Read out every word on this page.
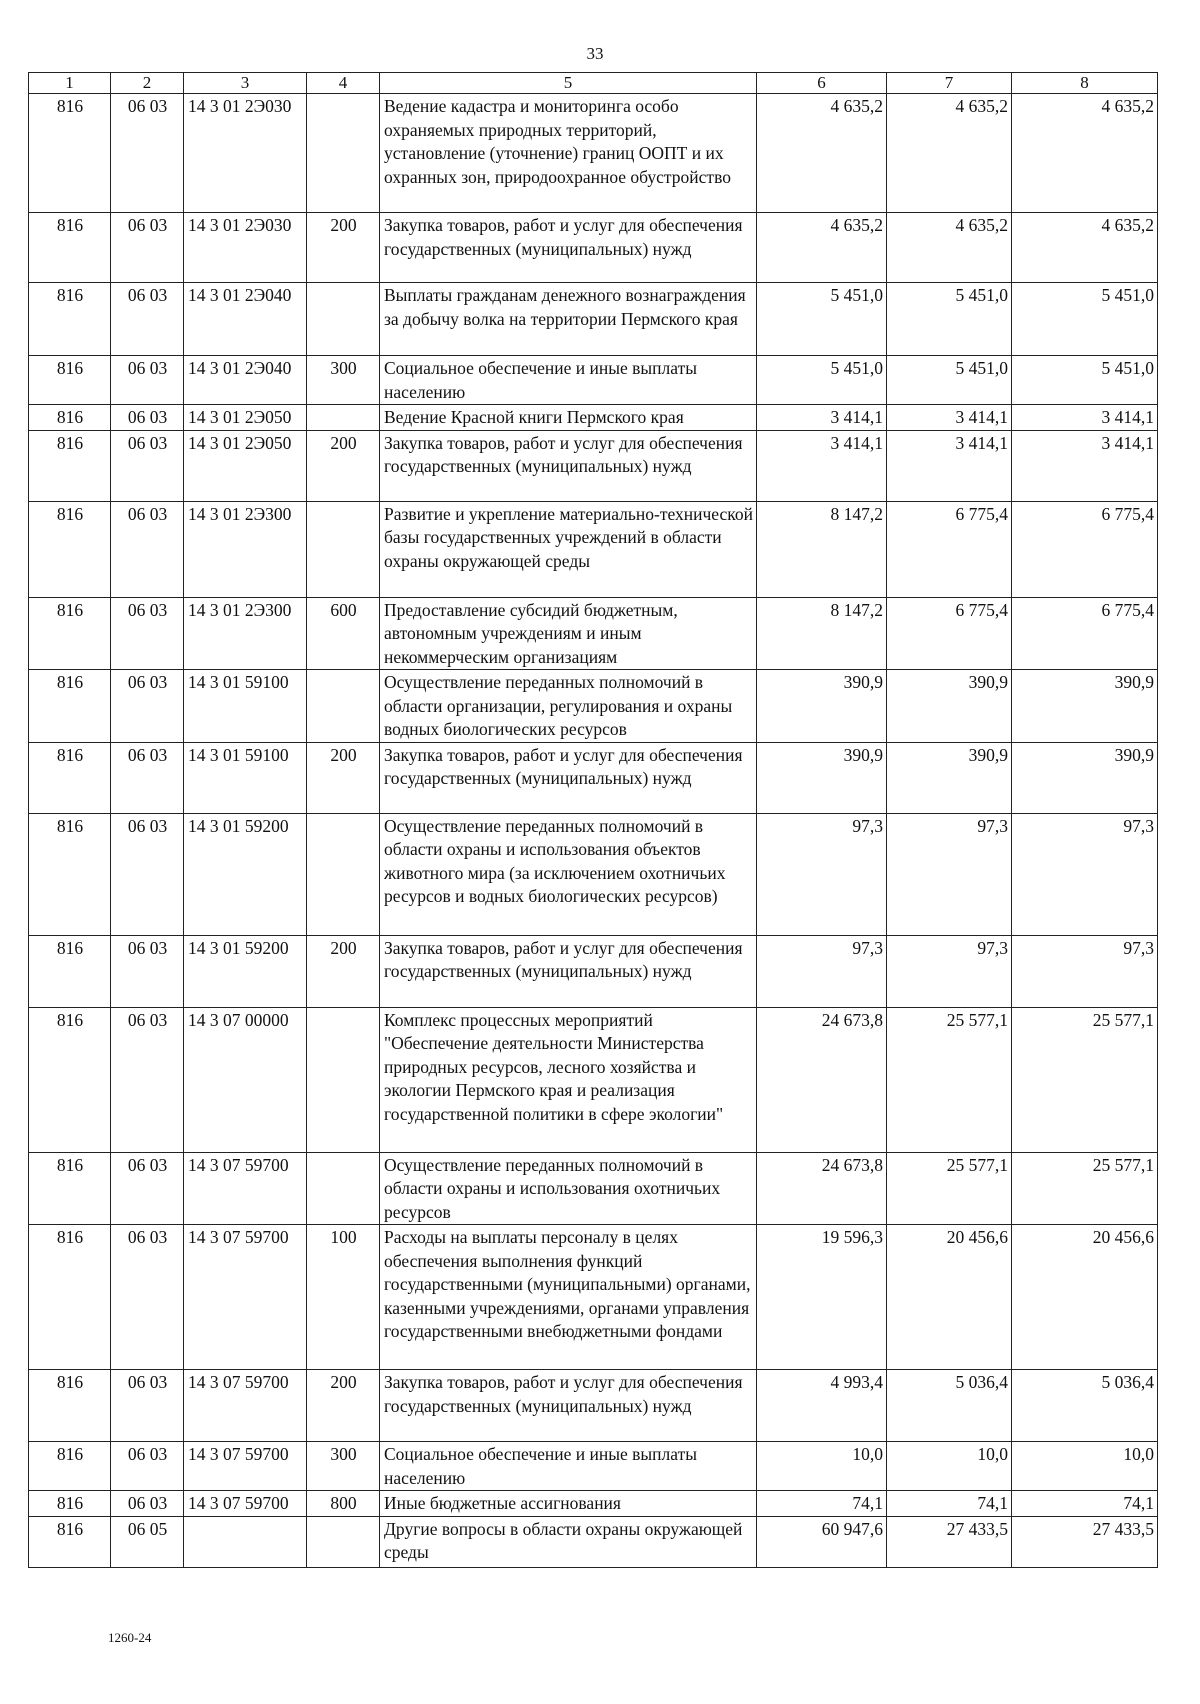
33
1	2	3	4	5	6	7	8
816	06 03	14 3 01 2Э030		Ведение кадастра и мониторинга особо охраняемых природных территорий, установление (уточнение) границ ООПТ и их охранных зон, природоохранное обустройство	4 635,2	4 635,2	4 635,2
816	06 03	14 3 01 2Э030	200	Закупка товаров, работ и услуг для обеспечения государственных (муниципальных) нужд	4 635,2	4 635,2	4 635,2
816	06 03	14 3 01 2Э040		Выплаты гражданам денежного вознаграждения за добычу волка на территории Пермского края	5 451,0	5 451,0	5 451,0
816	06 03	14 3 01 2Э040	300	Социальное обеспечение и иные выплаты населению	5 451,0	5 451,0	5 451,0
816	06 03	14 3 01 2Э050		Ведение Красной книги Пермского края	3 414,1	3 414,1	3 414,1
816	06 03	14 3 01 2Э050	200	Закупка товаров, работ и услуг для обеспечения государственных (муниципальных) нужд	3 414,1	3 414,1	3 414,1
816	06 03	14 3 01 2Э300		Развитие и укрепление материально-технической базы государственных учреждений в области охраны окружающей среды	8 147,2	6 775,4	6 775,4
816	06 03	14 3 01 2Э300	600	Предоставление субсидий бюджетным, автономным учреждениям и иным некоммерческим организациям	8 147,2	6 775,4	6 775,4
816	06 03	14 3 01 59100		Осуществление переданных полномочий в области организации, регулирования и охраны водных биологических ресурсов	390,9	390,9	390,9
816	06 03	14 3 01 59100	200	Закупка товаров, работ и услуг для обеспечения государственных (муниципальных) нужд	390,9	390,9	390,9
816	06 03	14 3 01 59200		Осуществление переданных полномочий в области охраны и использования объектов животного мира (за исключением охотничьих ресурсов и водных биологических ресурсов)	97,3	97,3	97,3
816	06 03	14 3 01 59200	200	Закупка товаров, работ и услуг для обеспечения государственных (муниципальных) нужд	97,3	97,3	97,3
816	06 03	14 3 07 00000		Комплекс процессных мероприятий "Обеспечение деятельности Министерства природных ресурсов, лесного хозяйства и экологии Пермского края и реализация государственной политики в сфере экологии"	24 673,8	25 577,1	25 577,1
816	06 03	14 3 07 59700		Осуществление переданных полномочий в области охраны и использования охотничьих ресурсов	24 673,8	25 577,1	25 577,1
816	06 03	14 3 07 59700	100	Расходы на выплаты персоналу в целях обеспечения выполнения функций государственными (муниципальными) органами, казенными учреждениями, органами управления государственными внебюджетными фондами	19 596,3	20 456,6	20 456,6
816	06 03	14 3 07 59700	200	Закупка товаров, работ и услуг для обеспечения государственных (муниципальных) нужд	4 993,4	5 036,4	5 036,4
816	06 03	14 3 07 59700	300	Социальное обеспечение и иные выплаты населению	10,0	10,0	10,0
816	06 03	14 3 07 59700	800	Иные бюджетные ассигнования	74,1	74,1	74,1
816	06 05			Другие вопросы в области охраны окружающей среды	60 947,6	27 433,5	27 433,5
1260-24
